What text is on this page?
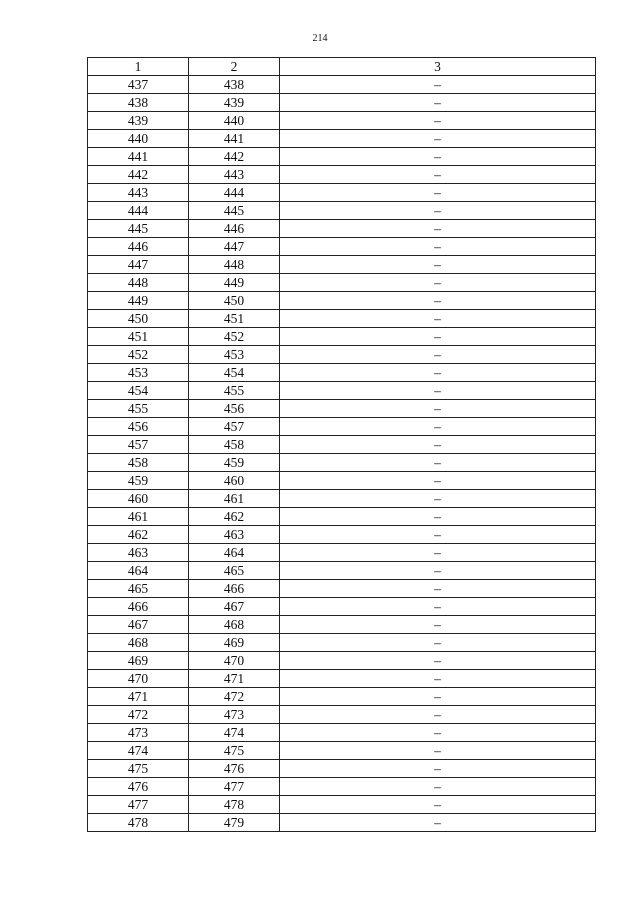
214
1	2	3
437	438	–
438	439	–
439	440	–
440	441	–
441	442	–
442	443	–
443	444	–
444	445	–
445	446	–
446	447	–
447	448	–
448	449	–
449	450	–
450	451	–
451	452	–
452	453	–
453	454	–
454	455	–
455	456	–
456	457	–
457	458	–
458	459	–
459	460	–
460	461	–
461	462	–
462	463	–
463	464	–
464	465	–
465	466	–
466	467	–
467	468	–
468	469	–
469	470	–
470	471	–
471	472	–
472	473	–
473	474	–
474	475	–
475	476	–
476	477	–
477	478	–
478	479	–
